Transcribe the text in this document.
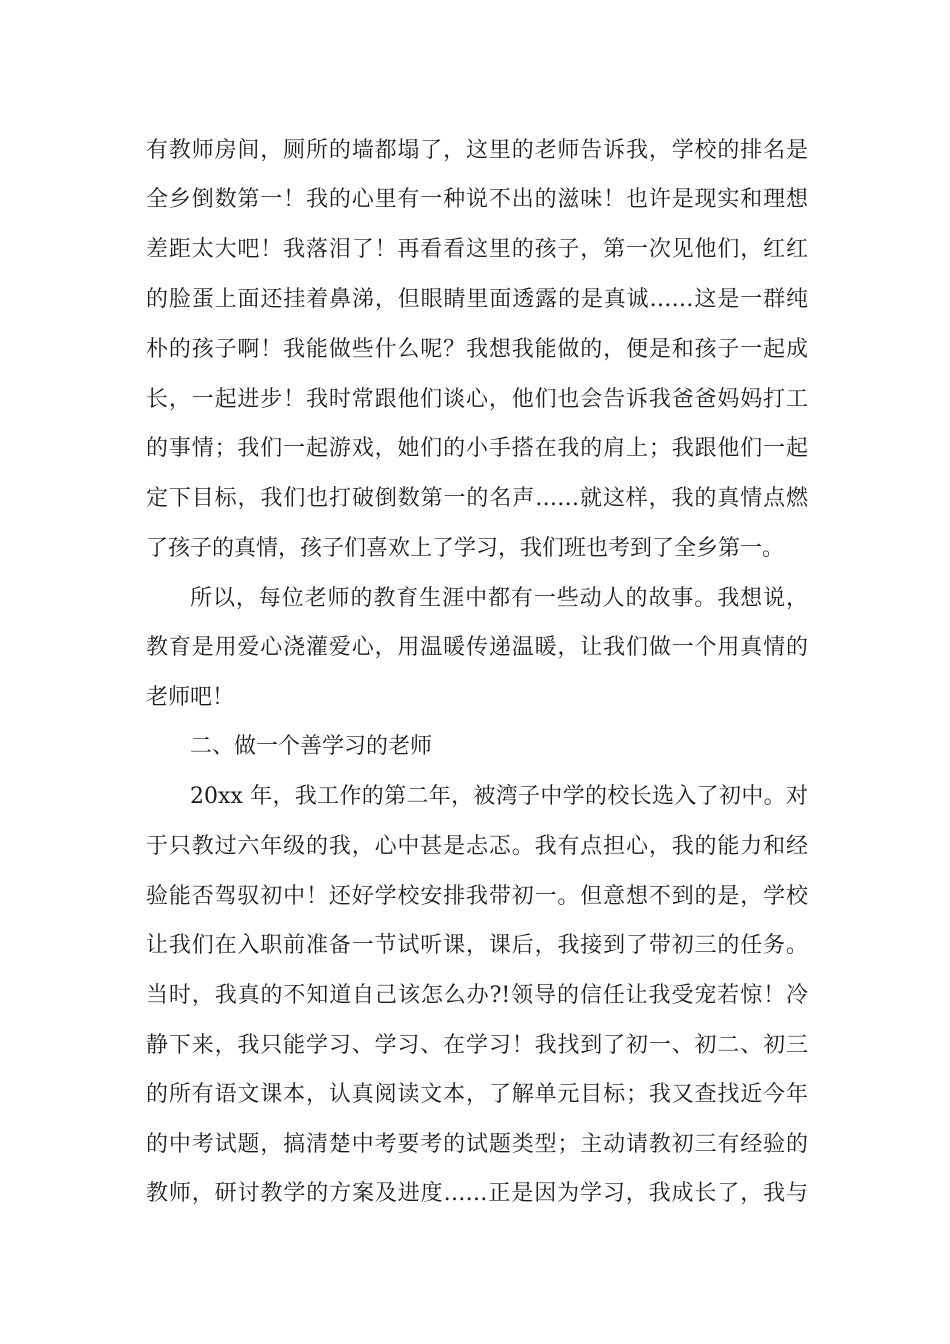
有教师房间，厕所的墙都塌了，这里的老师告诉我，学校的排名是
全乡倒数第一！我的心里有一种说不出的滋味！也许是现实和理想
差距太大吧！我落泪了！再看看这里的孩子，第一次见他们，红红
的脸蛋上面还挂着鼻涕，但眼睛里面透露的是真诚……这是一群纯
朴的孩子啊！我能做些什么呢？我想我能做的，便是和孩子一起成
长，一起进步！我时常跟他们谈心，他们也会告诉我爸爸妈妈打工
的事情；我们一起游戏，她们的小手搭在我的肩上；我跟他们一起
定下目标，我们也打破倒数第一的名声……就这样，我的真情点燃
了孩子的真情，孩子们喜欢上了学习，我们班也考到了全乡第一。
所以，每位老师的教育生涯中都有一些动人的故事。我想说，
教育是用爱心浇灌爱心，用温暖传递温暖，让我们做一个用真情的
老师吧！
二、做一个善学习的老师
20xx 年，我工作的第二年，被湾子中学的校长选入了初中。对
于只教过六年级的我，心中甚是忐忑。我有点担心，我的能力和经
验能否驾驭初中！还好学校安排我带初一。但意想不到的是，学校
让我们在入职前准备一节试听课，课后，我接到了带初三的任务。
当时，我真的不知道自己该怎么办?!领导的信任让我受宠若惊！冷
静下来，我只能学习、学习、在学习！我找到了初一、初二、初三
的所有语文课本，认真阅读文本，了解单元目标；我又查找近今年
的中考试题，搞清楚中考要考的试题类型；主动请教初三有经验的
教师，研讨教学的方案及进度……正是因为学习，我成长了，我与
